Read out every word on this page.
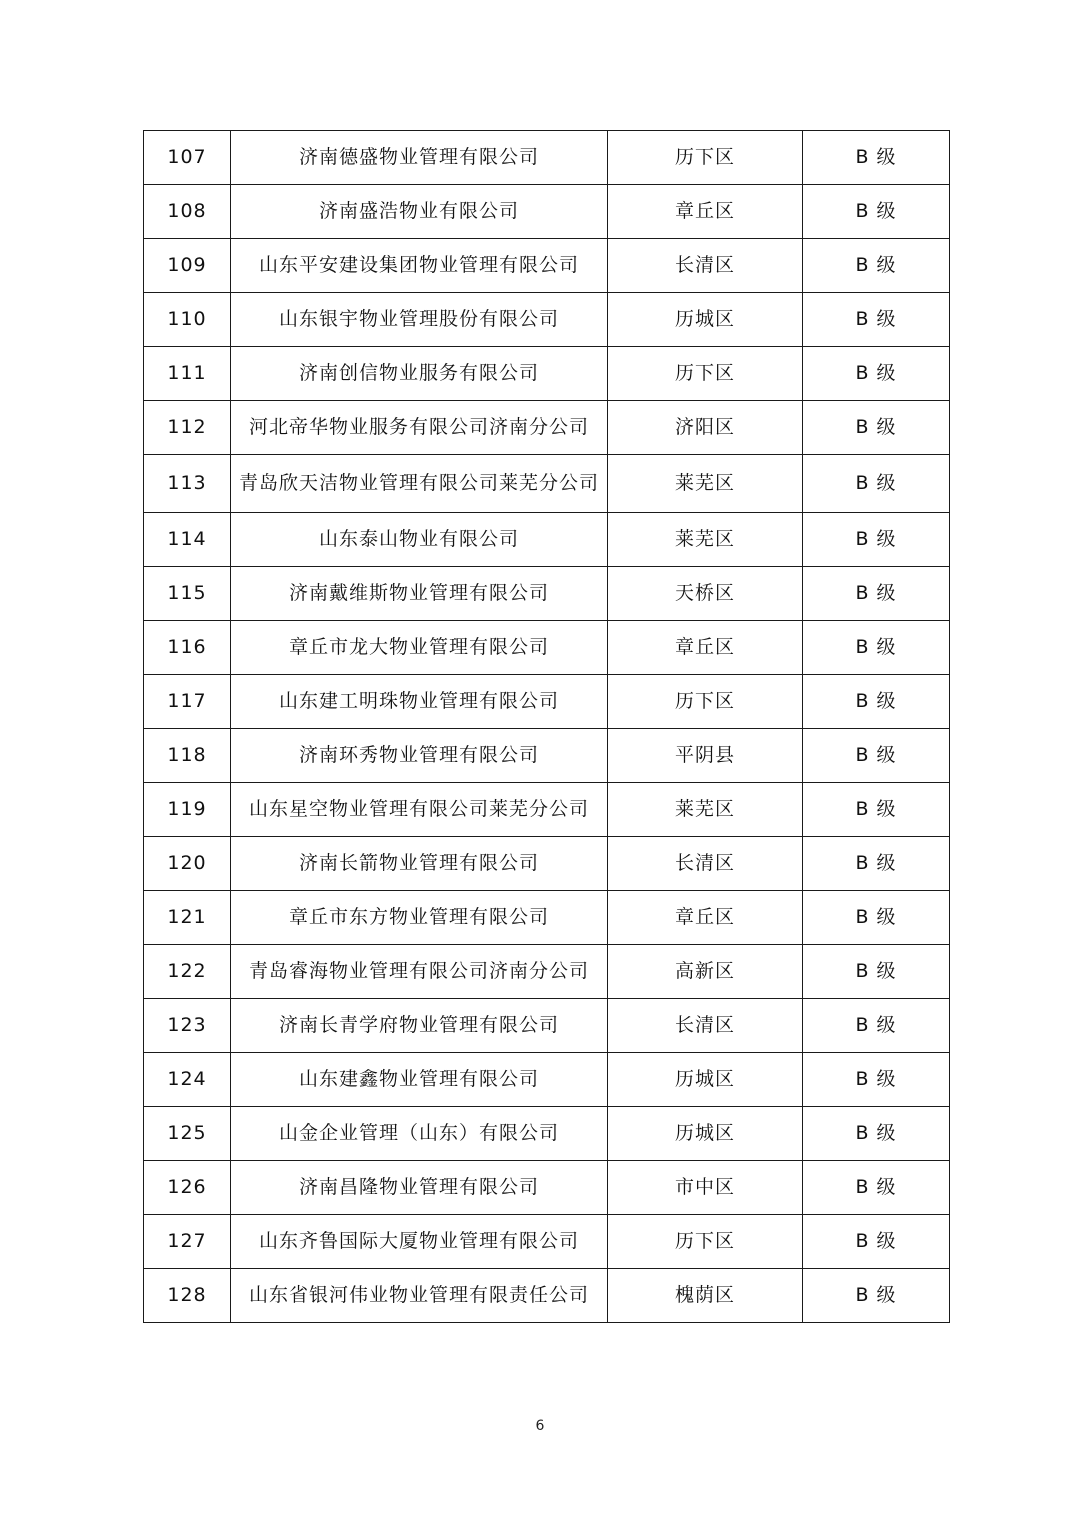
107	济南德盛物业管理有限公司	历下区	B 级
108	济南盛浩物业有限公司	章丘区	B 级
109	山东平安建设集团物业管理有限公司	长清区	B 级
110	山东银宇物业管理股份有限公司	历城区	B 级
111	济南创信物业服务有限公司	历下区	B 级
112	河北帝华物业服务有限公司济南分公司	济阳区	B 级
113	青岛欣天洁物业管理有限公司莱芜分公司	莱芜区	B 级
114	山东泰山物业有限公司	莱芜区	B 级
115	济南戴维斯物业管理有限公司	天桥区	B 级
116	章丘市龙大物业管理有限公司	章丘区	B 级
117	山东建工明珠物业管理有限公司	历下区	B 级
118	济南环秀物业管理有限公司	平阴县	B 级
119	山东星空物业管理有限公司莱芜分公司	莱芜区	B 级
120	济南长箭物业管理有限公司	长清区	B 级
121	章丘市东方物业管理有限公司	章丘区	B 级
122	青岛睿海物业管理有限公司济南分公司	高新区	B 级
123	济南长青学府物业管理有限公司	长清区	B 级
124	山东建鑫物业管理有限公司	历城区	B 级
125	山金企业管理（山东）有限公司	历城区	B 级
126	济南昌隆物业管理有限公司	市中区	B 级
127	山东齐鲁国际大厦物业管理有限公司	历下区	B 级
128	山东省银河伟业物业管理有限责任公司	槐荫区	B 级
6
